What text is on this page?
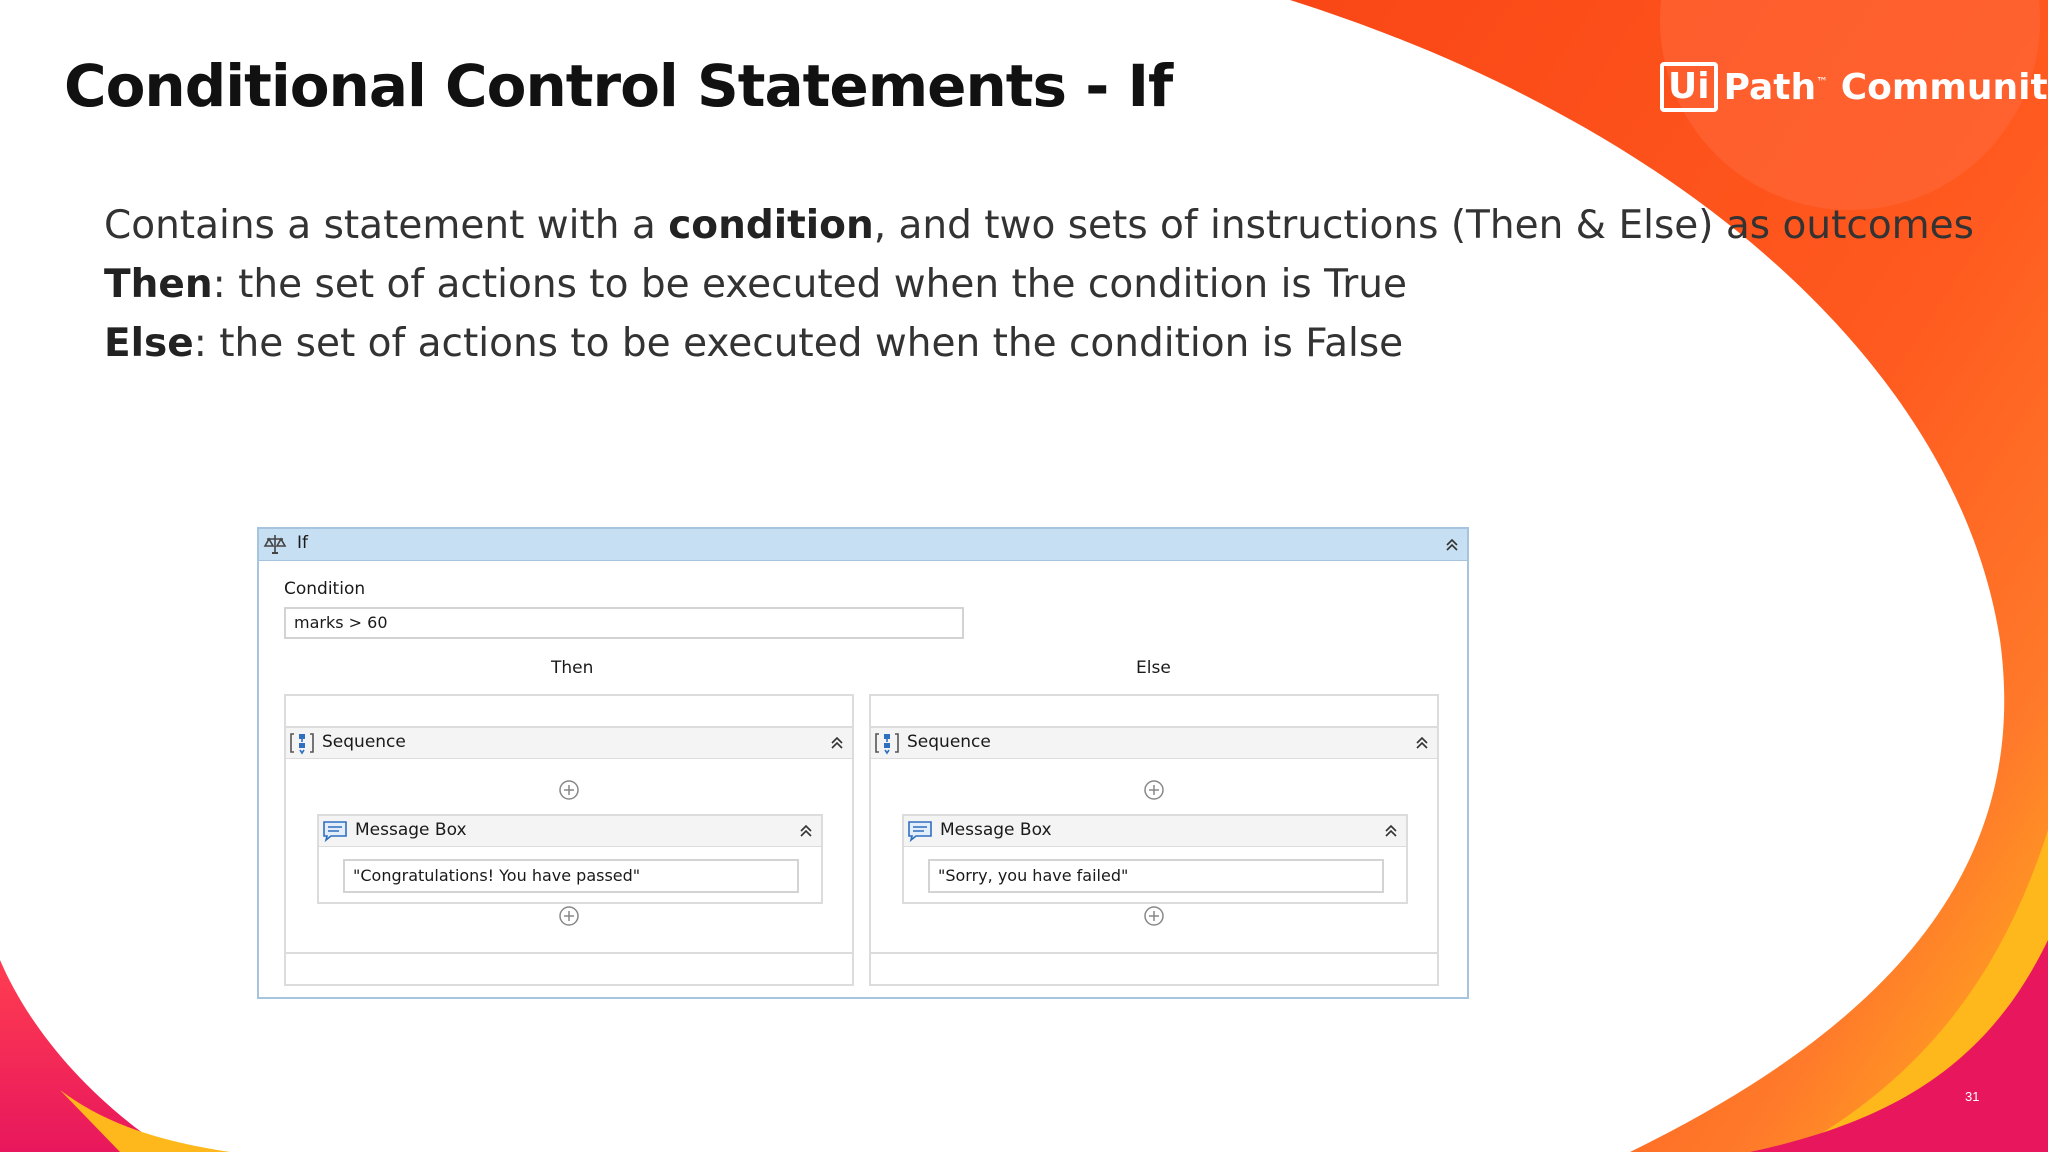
Conditional Control Statements - If	Ui Path™ Community
Contains a statement with a condition, and two sets of instructions (Then & Else) as outcomes
Then: the set of actions to be executed when the condition is True
Else: the set of actions to be executed when the condition is False
If
Condition
marks > 60
Then	Else
Sequence
Message Box
"Congratulations! You have passed"
Sequence
Message Box
"Sorry, you have failed"
31
